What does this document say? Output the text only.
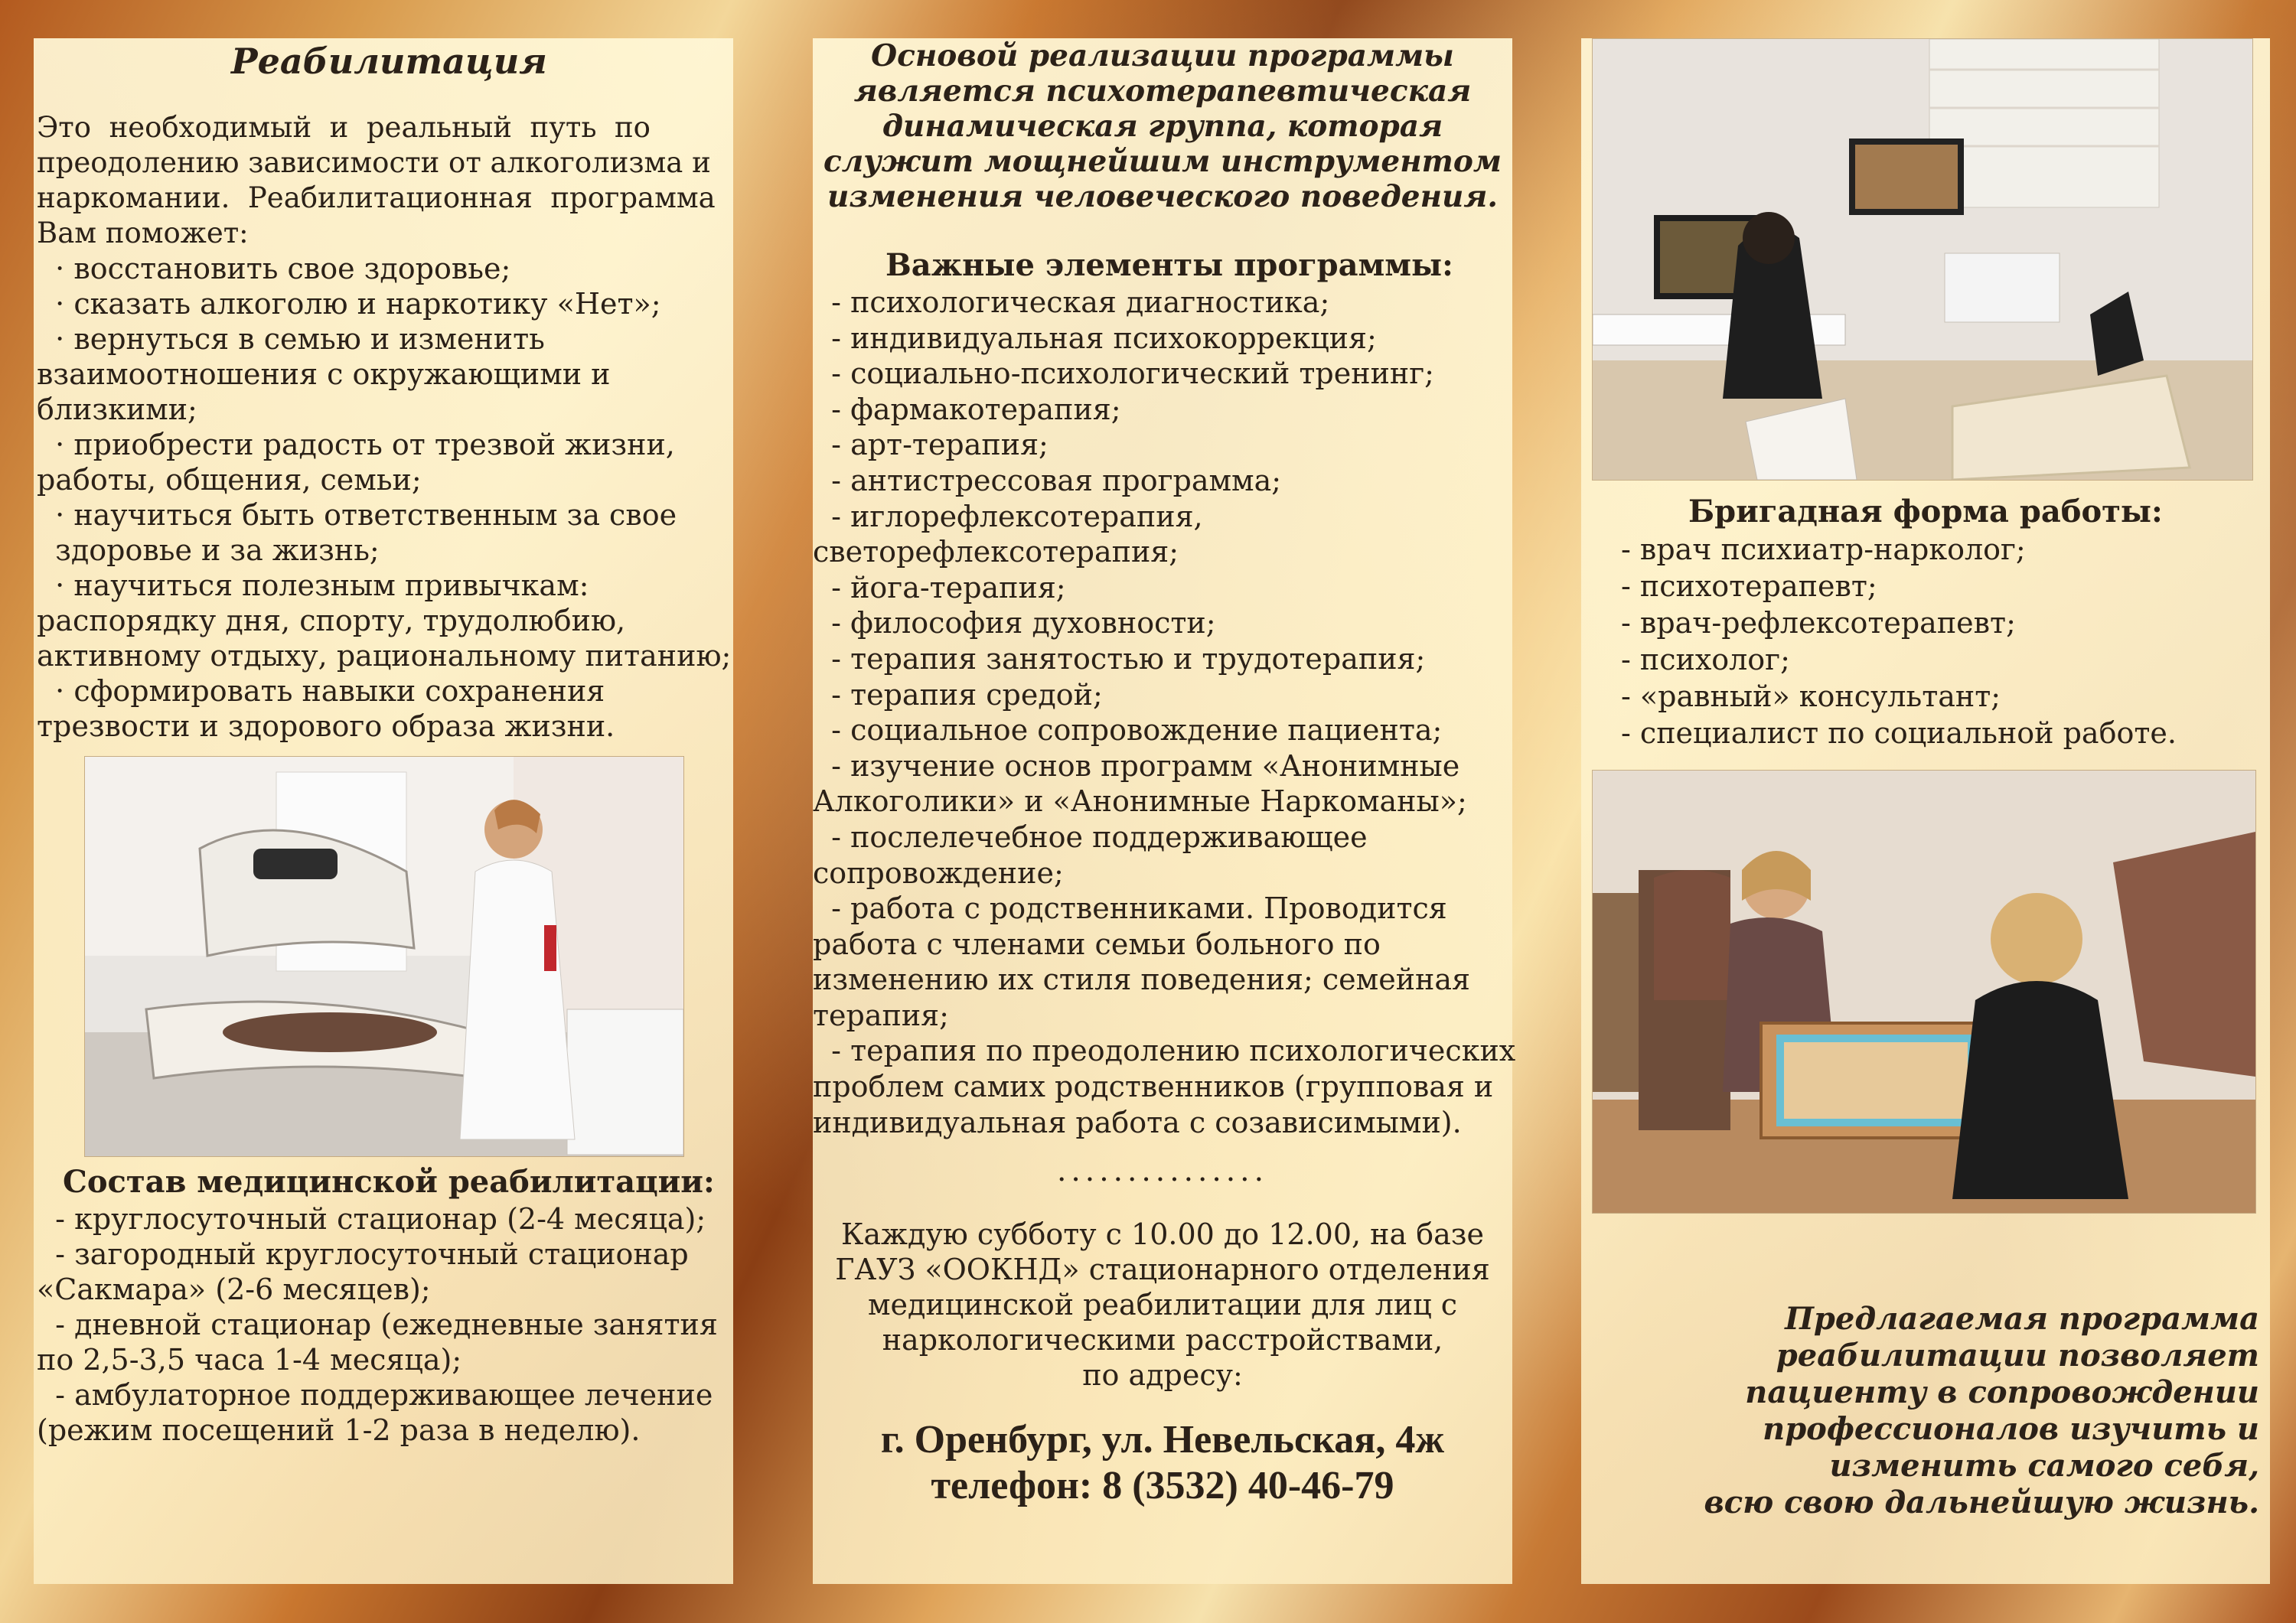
Реабилитация
Это  необходимый  и  реальный  путь  по
преодолению зависимости от алкоголизма и
наркомании.  Реабилитационная  программа
Вам поможет:
· восстановить свое здоровье;
· сказать алкоголю и наркотику «Нет»;
· вернуться в семью и изменить
взаимоотношения с окружающими и
близкими;
· приобрести радость от трезвой жизни,
работы, общения, семьи;
· научиться быть ответственным за свое
здоровье и за жизнь;
· научиться полезным привычкам:
распорядку дня, спорту, трудолюбию,
активному отдыху, рациональному питанию;
· сформировать навыки сохранения
трезвости и здорового образа жизни.
Состав медицинской реабилитации:
- круглосуточный стационар (2-4 месяца);
- загородный круглосуточный стационар
«Сакмара» (2-6 месяцев);
- дневной стационар (ежедневные занятия
по 2,5-3,5 часа 1-4 месяца);
- амбулаторное поддерживающее лечение
(режим посещений 1-2 раза в неделю).
Основой реализации программы
является психотерапевтическая
динамическая группа, которая
служит мощнейшим инструментом
изменения человеческого поведения.
Важные элементы программы:
- психологическая диагностика;
- индивидуальная психокоррекция;
- социально-психологический тренинг;
- фармакотерапия;
- арт-терапия;
- антистрессовая программа;
- иглорефлексотерапия,
светорефлексотерапия;
- йога-терапия;
- философия духовности;
- терапия занятостью и трудотерапия;
- терапия средой;
- социальное сопровождение пациента;
- изучение основ программ «Анонимные
Алкоголики» и «Анонимные Наркоманы»;
- послелечебное поддерживающее
сопровождение;
- работа с родственниками. Проводится
работа с членами семьи больного по
изменению их стиля поведения; семейная
терапия;
- терапия по преодолению психологических
проблем самих родственников (групповая и
индивидуальная работа с созависимыми).
...............
Каждую субботу с 10.00 до 12.00, на базе
ГАУЗ «ООКНД» стационарного отделения
медицинской реабилитации для лиц с
наркологическими расстройствами,
по адресу:
г. Оренбург, ул. Невельская, 4ж
телефон: 8 (3532) 40-46-79
Бригадная форма работы:
- врач психиатр-нарколог;
- психотерапевт;
- врач-рефлексотерапевт;
- психолог;
- «равный» консультант;
- специалист по социальной работе.
Предлагаемая программа
реабилитации позволяет
пациенту в сопровождении
профессионалов изучить и
изменить самого себя,
всю свою дальнейшую жизнь.
